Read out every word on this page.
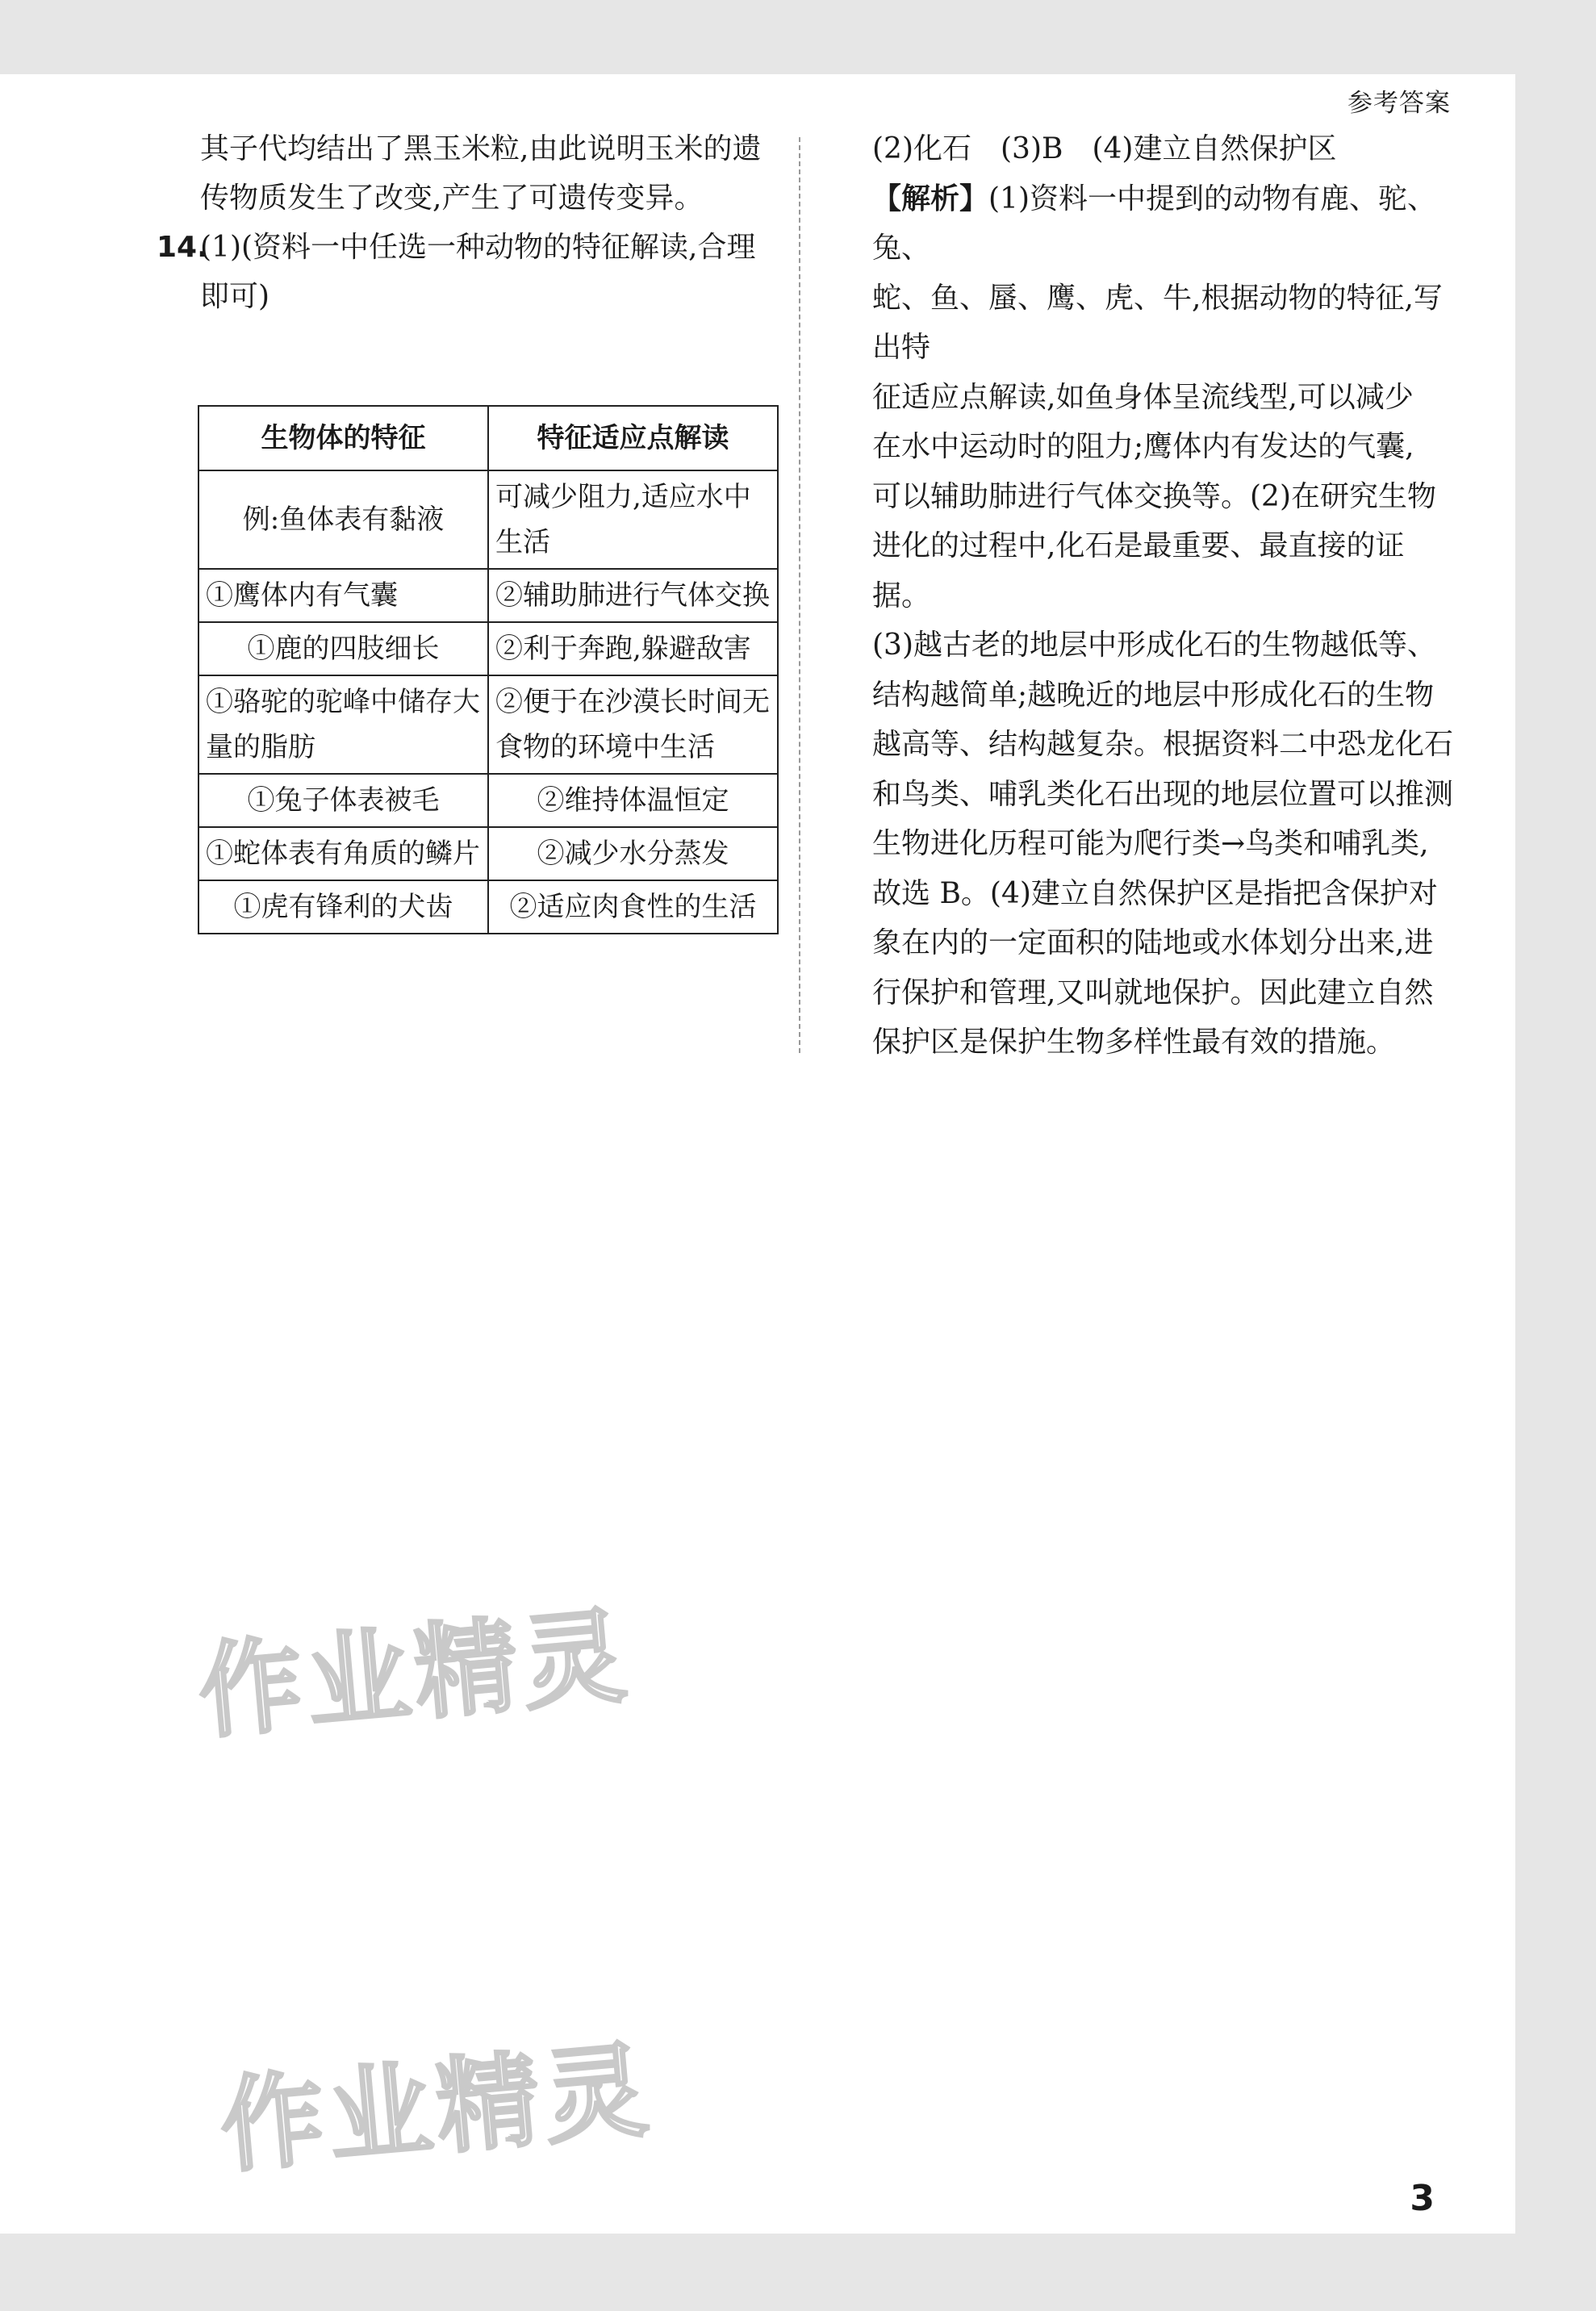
参考答案
其子代均结出了黑玉米粒,由此说明玉米的遗
传物质发生了改变,产生了可遗传变异。
14.(1)(资料一中任选一种动物的特征解读,合理
即可)
生物体的特征	特征适应点解读
例:鱼体表有黏液	可减少阻力,适应水中生活
①鹰体内有气囊	②辅助肺进行气体交换
①鹿的四肢细长	②利于奔跑,躲避敌害
①骆驼的驼峰中储存大量的脂肪	②便于在沙漠长时间无食物的环境中生活
①兔子体表被毛	②维持体温恒定
①蛇体表有角质的鳞片	②减少水分蒸发
①虎有锋利的犬齿	②适应肉食性的生活
(2)化石　(3)B　(4)建立自然保护区
【解析】(1)资料一中提到的动物有鹿、驼、兔、
蛇、鱼、蜃、鹰、虎、牛,根据动物的特征,写出特
征适应点解读,如鱼身体呈流线型,可以减少
在水中运动时的阻力;鹰体内有发达的气囊,
可以辅助肺进行气体交换等。(2)在研究生物
进化的过程中,化石是最重要、最直接的证据。
(3)越古老的地层中形成化石的生物越低等、
结构越简单;越晚近的地层中形成化石的生物
越高等、结构越复杂。根据资料二中恐龙化石
和鸟类、哺乳类化石出现的地层位置可以推测
生物进化历程可能为爬行类→鸟类和哺乳类,
故选 B。(4)建立自然保护区是指把含保护对
象在内的一定面积的陆地或水体划分出来,进
行保护和管理,又叫就地保护。因此建立自然
保护区是保护生物多样性最有效的措施。
作业精灵
作业精灵
3
